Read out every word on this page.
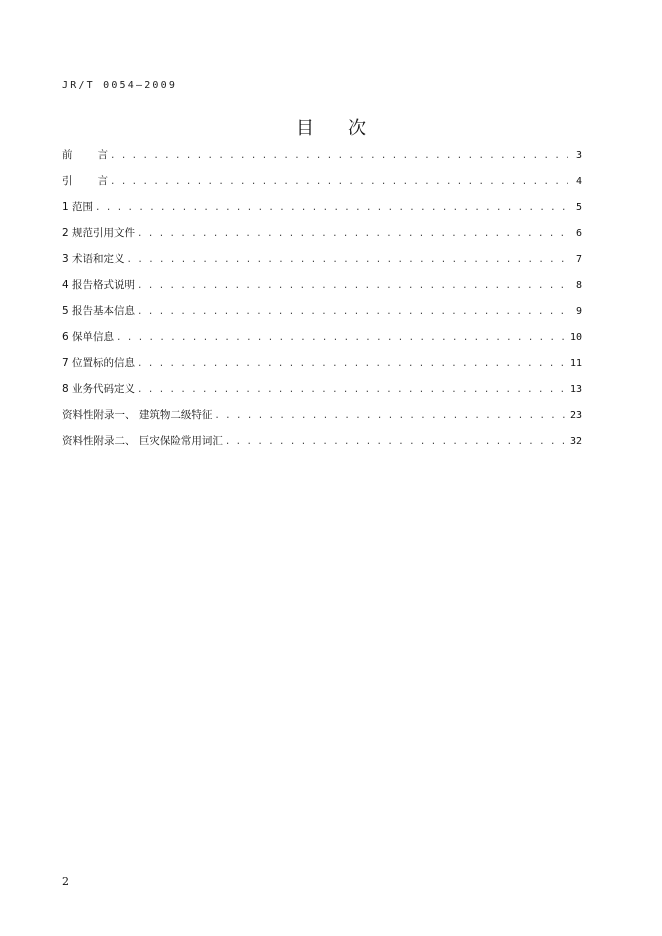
JR/T 0054—2009
目 次
前言 . . .	3
引言 . . .	4
1 范围 . . .	5
2 规范引用文件 . . .	6
3 术语和定义 . . .	7
4 报告格式说明 . . .	8
5 报告基本信息 . . .	9
6 保单信息 . . .	10
7 位置标的信息 . . .	11
8 业务代码定义 . . .	13
资料性附录一、 建筑物二级特征 . . .	23
资料性附录二、 巨灾保险常用词汇 . . .	32
2
